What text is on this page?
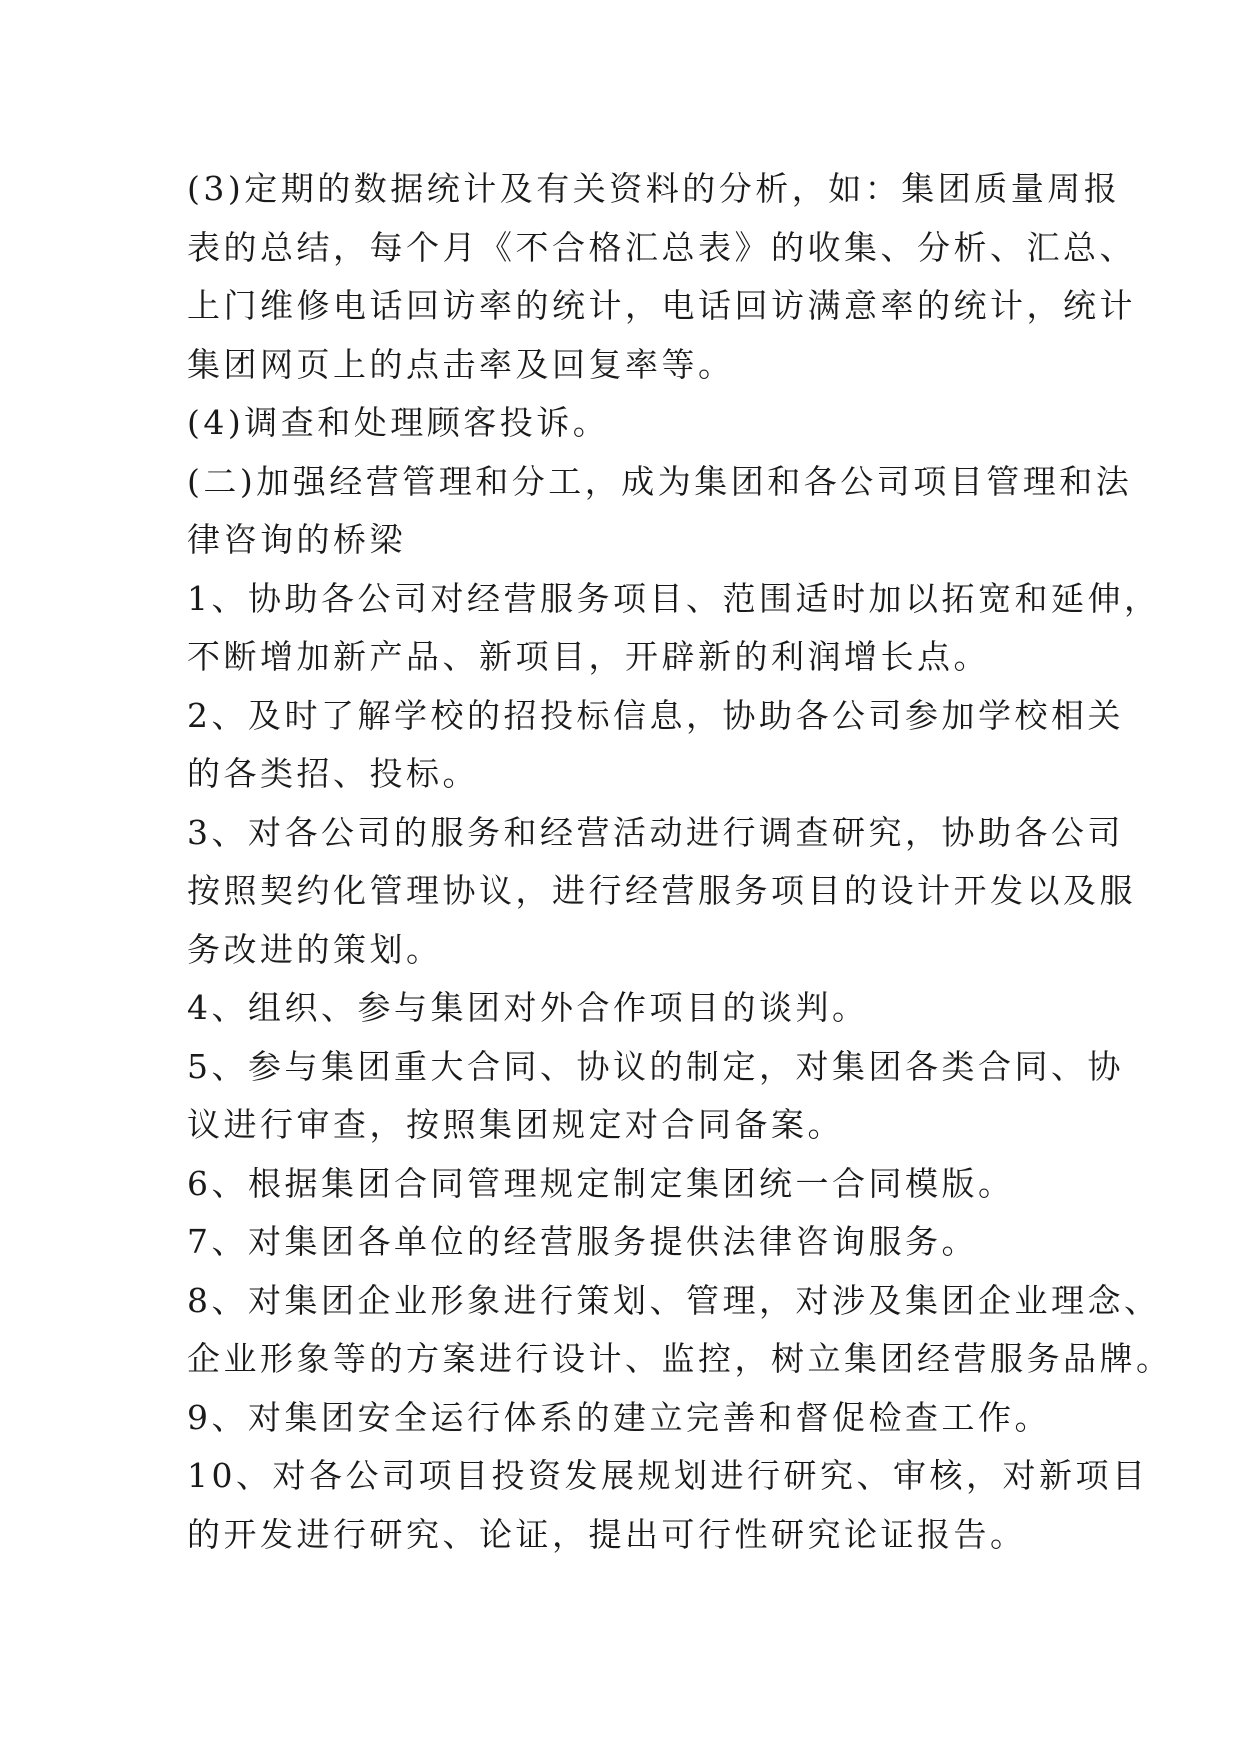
(3)定期的数据统计及有关资料的分析，如：集团质量周报
表的总结，每个月《不合格汇总表》的收集、分析、汇总、
上门维修电话回访率的统计，电话回访满意率的统计，统计
集团网页上的点击率及回复率等。

(4)调查和处理顾客投诉。

(二)加强经营管理和分工，成为集团和各公司项目管理和法
律咨询的桥梁

1、协助各公司对经营服务项目、范围适时加以拓宽和延伸，
不断增加新产品、新项目，开辟新的利润增长点。

2、及时了解学校的招投标信息，协助各公司参加学校相关
的各类招、投标。

3、对各公司的服务和经营活动进行调查研究，协助各公司
按照契约化管理协议，进行经营服务项目的设计开发以及服
务改进的策划。

4、组织、参与集团对外合作项目的谈判。

5、参与集团重大合同、协议的制定，对集团各类合同、协
议进行审查，按照集团规定对合同备案。

6、根据集团合同管理规定制定集团统一合同模版。

7、对集团各单位的经营服务提供法律咨询服务。

8、对集团企业形象进行策划、管理，对涉及集团企业理念、
企业形象等的方案进行设计、监控，树立集团经营服务品牌。

9、对集团安全运行体系的建立完善和督促检查工作。

10、对各公司项目投资发展规划进行研究、审核，对新项目
的开发进行研究、论证，提出可行性研究论证报告。
